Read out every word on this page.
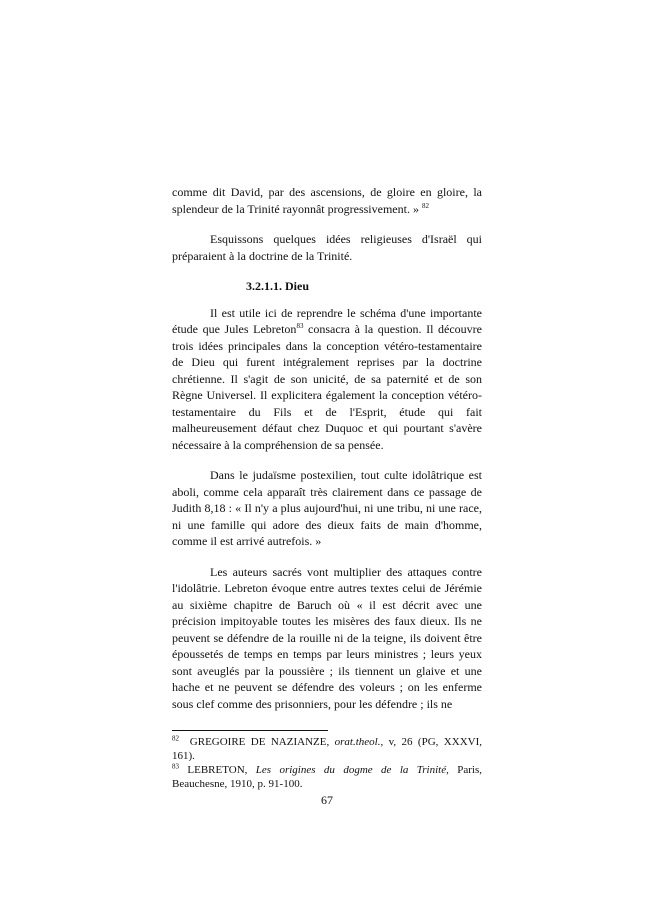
comme dit David, par des ascensions, de gloire en gloire, la splendeur de la Trinité rayonnât progressivement. » $^{82}$

Esquissons quelques idées religieuses d'Israël qui préparaient à la doctrine de la Trinité.

3.2.1.1. Dieu

Il est utile ici de reprendre le schéma d'une importante étude que Jules Lebreton$^{83}$ consacra à la question. Il découvre trois idées principales dans la conception vétéro-testamentaire de Dieu qui furent intégralement reprises par la doctrine chrétienne. Il s'agit de son unicité, de sa paternité et de son Règne Universel. Il explicitera également la conception vétéro-testamentaire du Fils et de l'Esprit, étude qui fait malheureusement défaut chez Duquoc et qui pourtant s'avère nécessaire à la compréhension de sa pensée.

Dans le judaïsme postexilien, tout culte idolâtrique est aboli, comme cela apparaît très clairement dans ce passage de Judith 8,18 : « Il n'y a plus aujourd'hui, ni une tribu, ni une race, ni une famille qui adore des dieux faits de main d'homme, comme il est arrivé autrefois. »

Les auteurs sacrés vont multiplier des attaques contre l'idolâtrie. Lebreton évoque entre autres textes celui de Jérémie au sixième chapitre de Baruch où « il est décrit avec une précision impitoyable toutes les misères des faux dieux. Ils ne peuvent se défendre de la rouille ni de la teigne, ils doivent être époussetés de temps en temps par leurs ministres ; leurs yeux sont aveuglés par la poussière ; ils tiennent un glaive et une hache et ne peuvent se défendre des voleurs ; on les enferme sous clef comme des prisonniers, pour les défendre ; ils ne

$^{82}$ GREGOIRE DE NAZIANZE, orat.theol., v, 26 (PG, XXXVI, 161).

$^{83}$ LEBRETON, Les origines du dogme de la Trinité, Paris, Beauchesne, 1910, p. 91-100.

67
